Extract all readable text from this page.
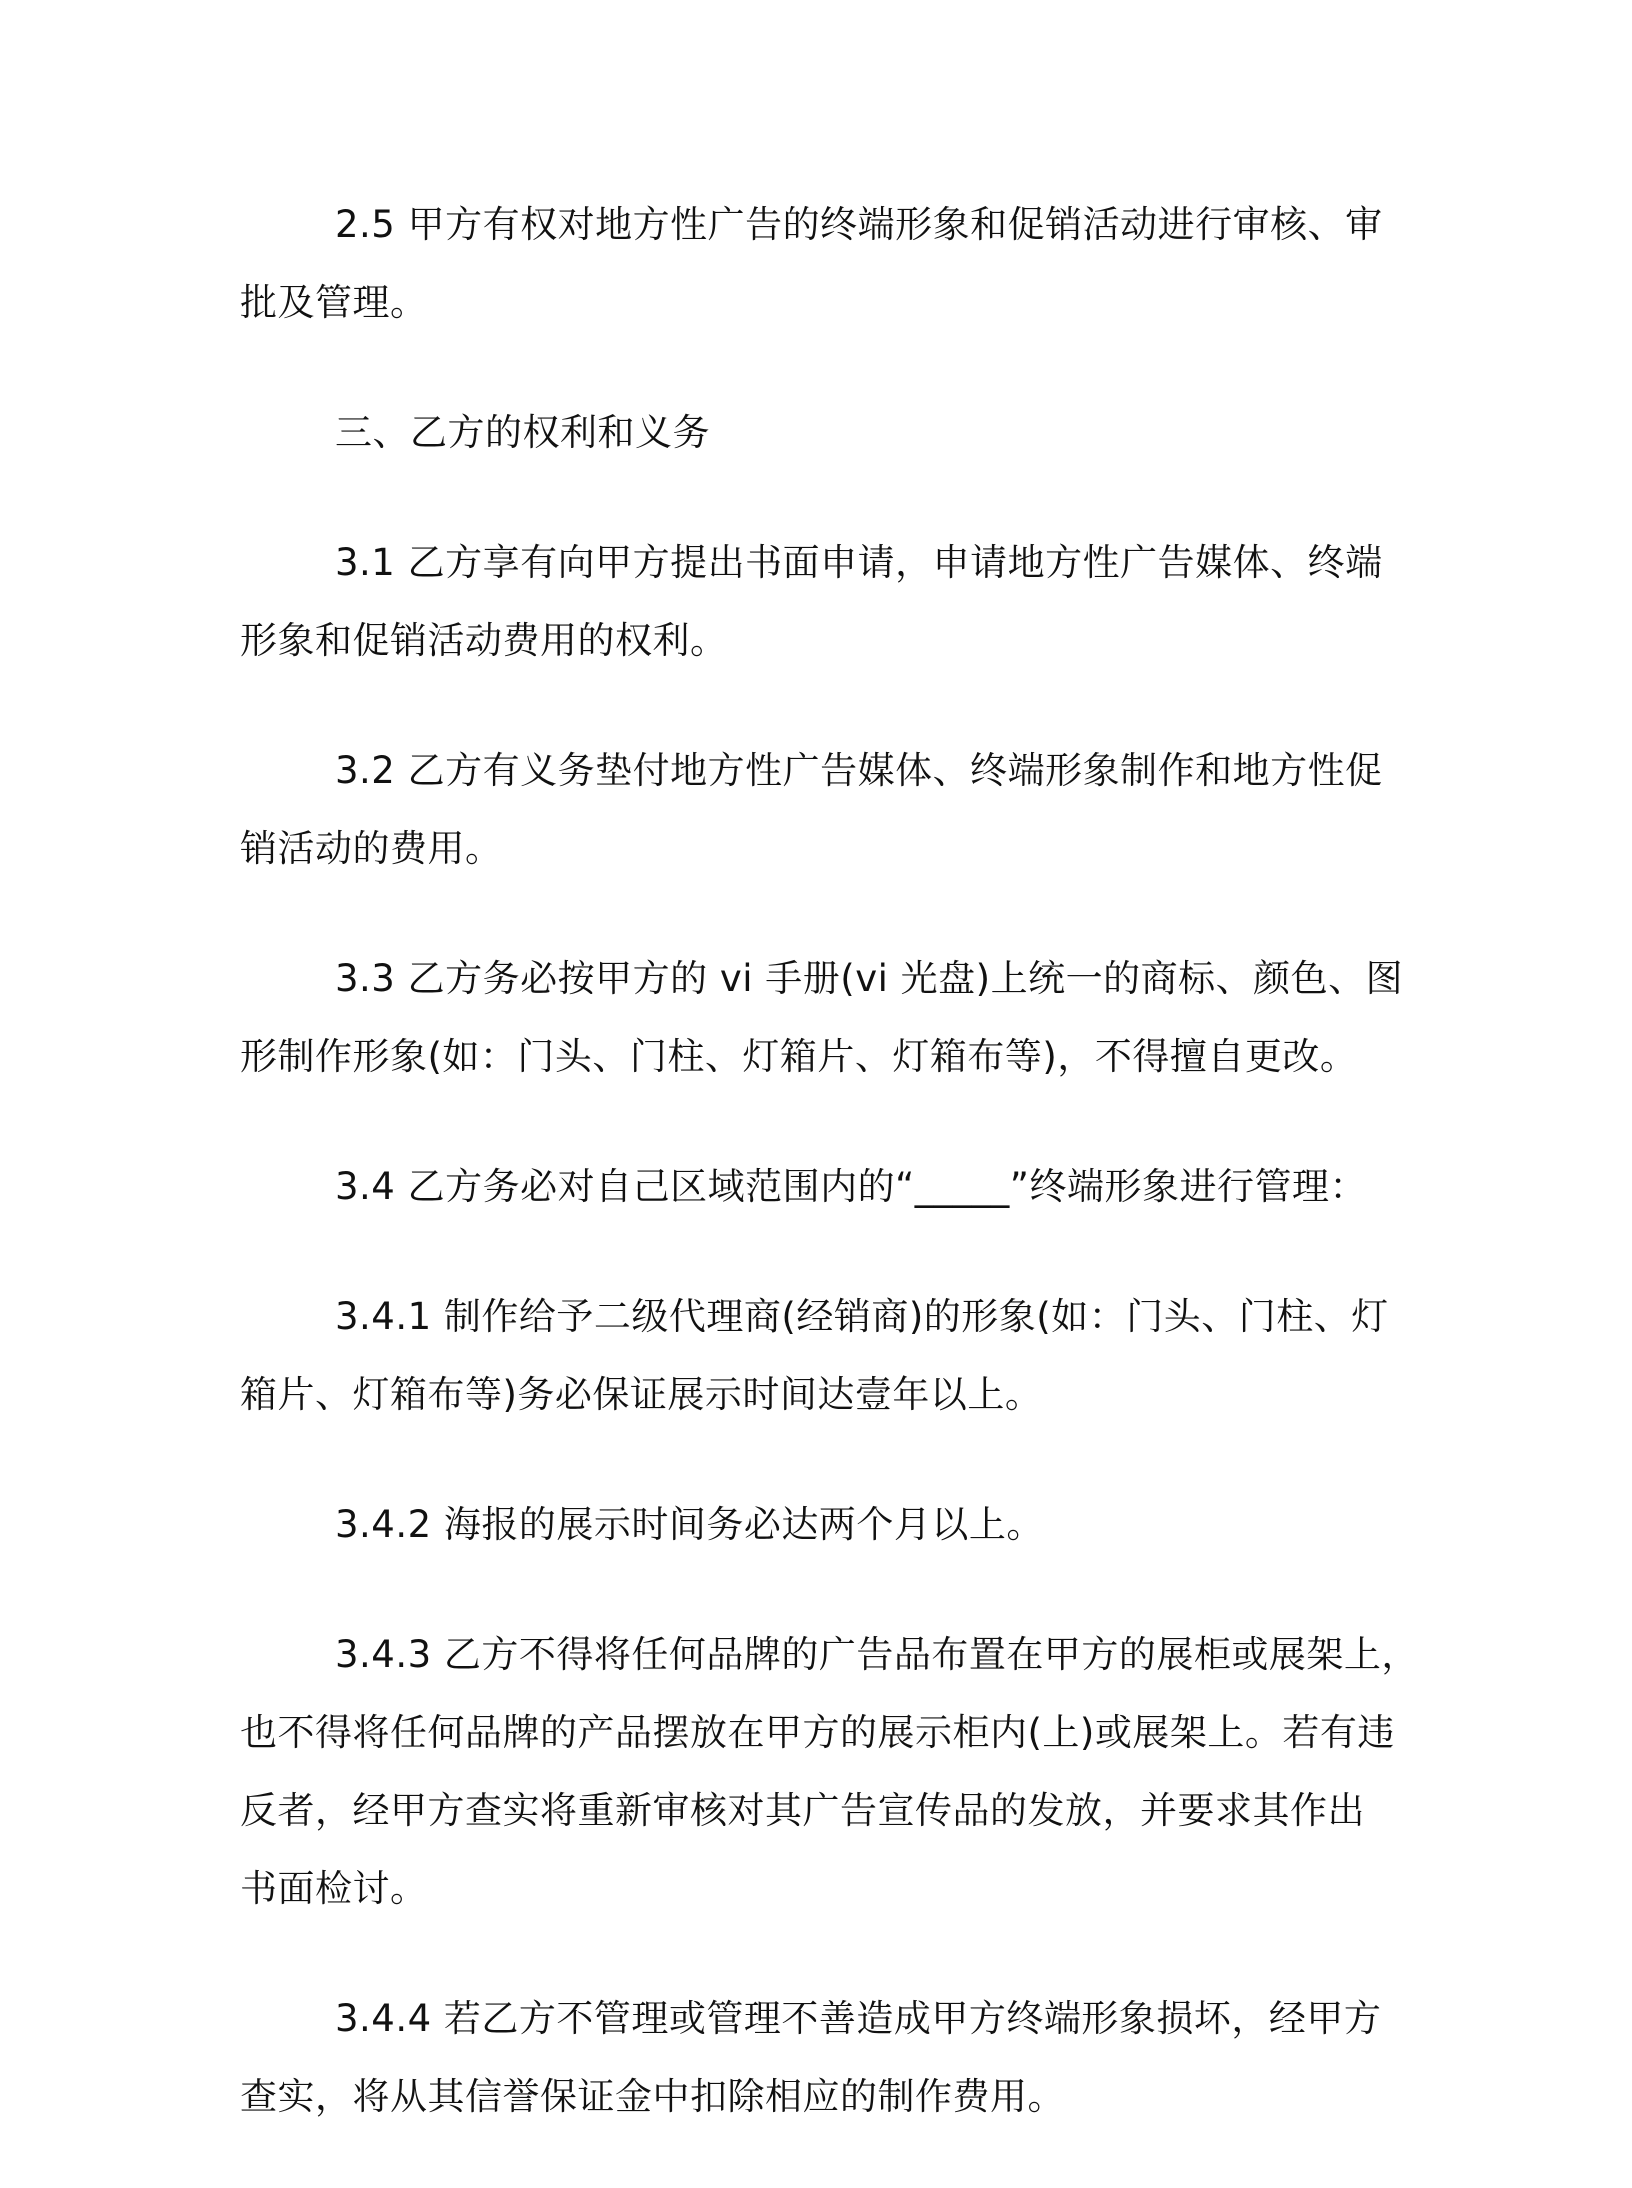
2.5 甲方有权对地方性广告的终端形象和促销活动进行审核、审
批及管理。

三、乙方的权利和义务

3.1 乙方享有向甲方提出书面申请，申请地方性广告媒体、终端
形象和促销活动费用的权利。

3.2 乙方有义务垫付地方性广告媒体、终端形象制作和地方性促
销活动的费用。

3.3 乙方务必按甲方的 vi 手册(vi 光盘)上统一的商标、颜色、图
形制作形象(如：门头、门柱、灯箱片、灯箱布等)，不得擅自更改。

3.4 乙方务必对自己区域范围内的“_____”终端形象进行管理：

3.4.1 制作给予二级代理商(经销商)的形象(如：门头、门柱、灯
箱片、灯箱布等)务必保证展示时间达壹年以上。

3.4.2 海报的展示时间务必达两个月以上。

3.4.3 乙方不得将任何品牌的广告品布置在甲方的展柜或展架上，
也不得将任何品牌的产品摆放在甲方的展示柜内(上)或展架上。若有违
反者，经甲方查实将重新审核对其广告宣传品的发放，并要求其作出
书面检讨。

3.4.4 若乙方不管理或管理不善造成甲方终端形象损坏，经甲方
查实，将从其信誉保证金中扣除相应的制作费用。
